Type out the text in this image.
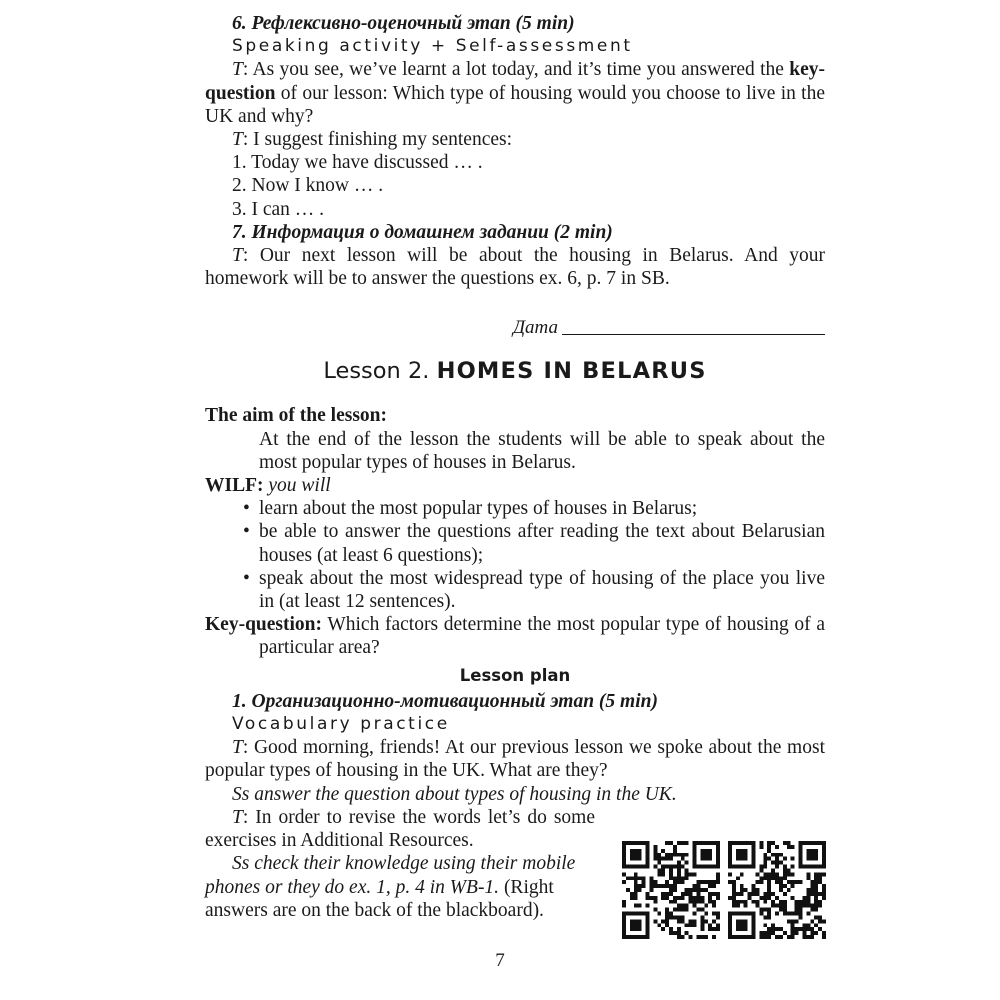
6. Рефлексивно-оценочный этап (5 min)

Speaking activity + Self-assessment

T: As you see, we’ve learnt a lot today, and it’s time you answered the key-question of our lesson: Which type of housing would you choose to live in the UK and why?

T: I suggest finishing my sentences:

1. Today we have discussed … .

2. Now I know … .

3. I can … .

7. Информация о домашнем задании (2 min)

T: Our next lesson will be about the housing in Belarus. And your homework will be to answer the questions ex. 6, p. 7 in SB.

Дата
Lesson 2. HOMES IN BELARUS

The aim of the lesson:

At the end of the lesson the students will be able to speak about the most popular types of houses in Belarus.

WILF: you will

• learn about the most popular types of houses in Belarus;
• be able to answer the questions after reading the text about Belarusian houses (at least 6 questions);
• speak about the most widespread type of housing of the place you live in (at least 12 sentences).

Key-question: Which factors determine the most popular type of housing of a particular area?

Lesson plan

1. Организационно-мотивационный этап (5 min)

Vocabulary practice

T: Good morning, friends! At our previous lesson we spoke about the most popular types of housing in the UK. What are they?

Ss answer the question about types of housing in the UK.

T: In order to revise the words let’s do some exercises in Additional Resources.

Ss check their knowledge using their mobile phones or they do ex. 1, p. 4 in WB-1. (Right answers are on the back of the blackboard).

7
